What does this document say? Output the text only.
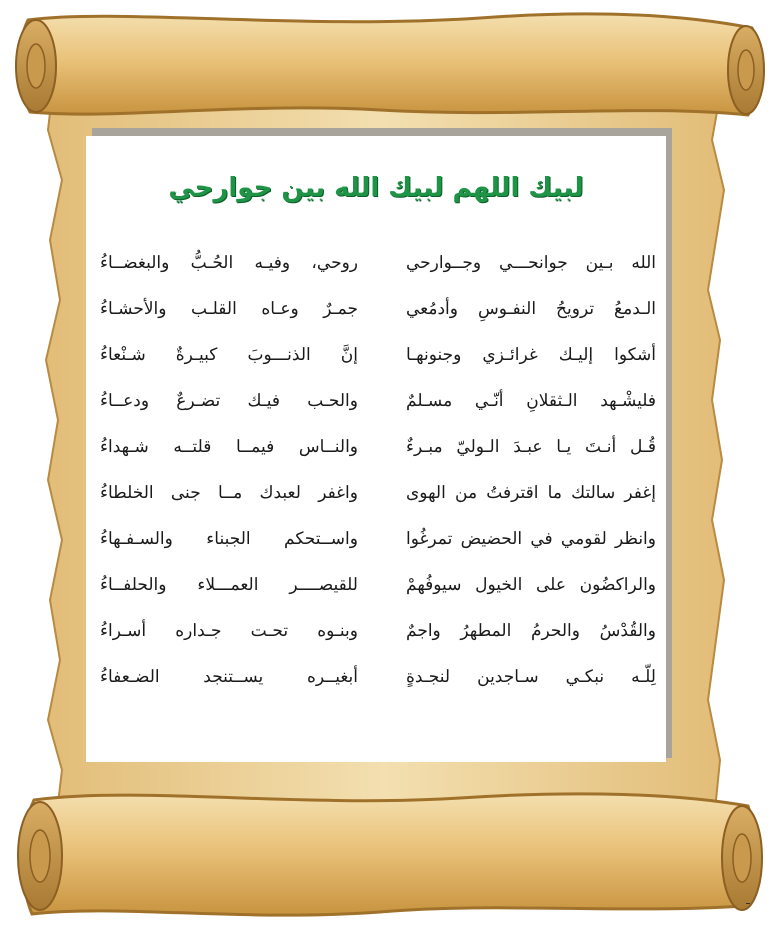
لبيك اللهم لبيك الله بين جوارحي
الله بـين جوانحـــي وجــوارحي
روحي، وفيـه الحُـبُّ والبغضــاءُ
الـدمعُ ترويحُ النفـوسِ وأدمُعي
جمـرٌ وعـاه القلـب والأحشـاءُ
أشكوا إليـك غرائـزي وجنونهـا
إنَّ الذنـــوبَ كبيـرةٌ شـنْعاءُ
فليشْـهد الـثقلانِ أنّـي مسـلمٌ
والحـب فيـك تضـرعٌ ودعــاءُ
قُـل أنـتَ يـا عبـدَ الـوليّ مبـرءٌ
والنــاس فيمــا قلتــه شـهداءُ
إغفر سالتك ما اقترفتُ من الهوى
واغفر لعبدك مــا جنى الخلطاءُ
وانظر لقومي في الحضيض تمرغُوا
واســتحكم الجبناء والسـفـهاءُ
والراكضُون على الخيول سيوفُهمْ
للقيصــــر العمـــلاء والحلفــاءُ
والقُدْسُ والحرمُ المطهرُ واجمٌ
وبنـوه تحـت جـداره أسـراءُ
لِلّـه نبكـي سـاجدين لنجـدةٍ
أبغيــره يســتنجد الضـعفاءُ
